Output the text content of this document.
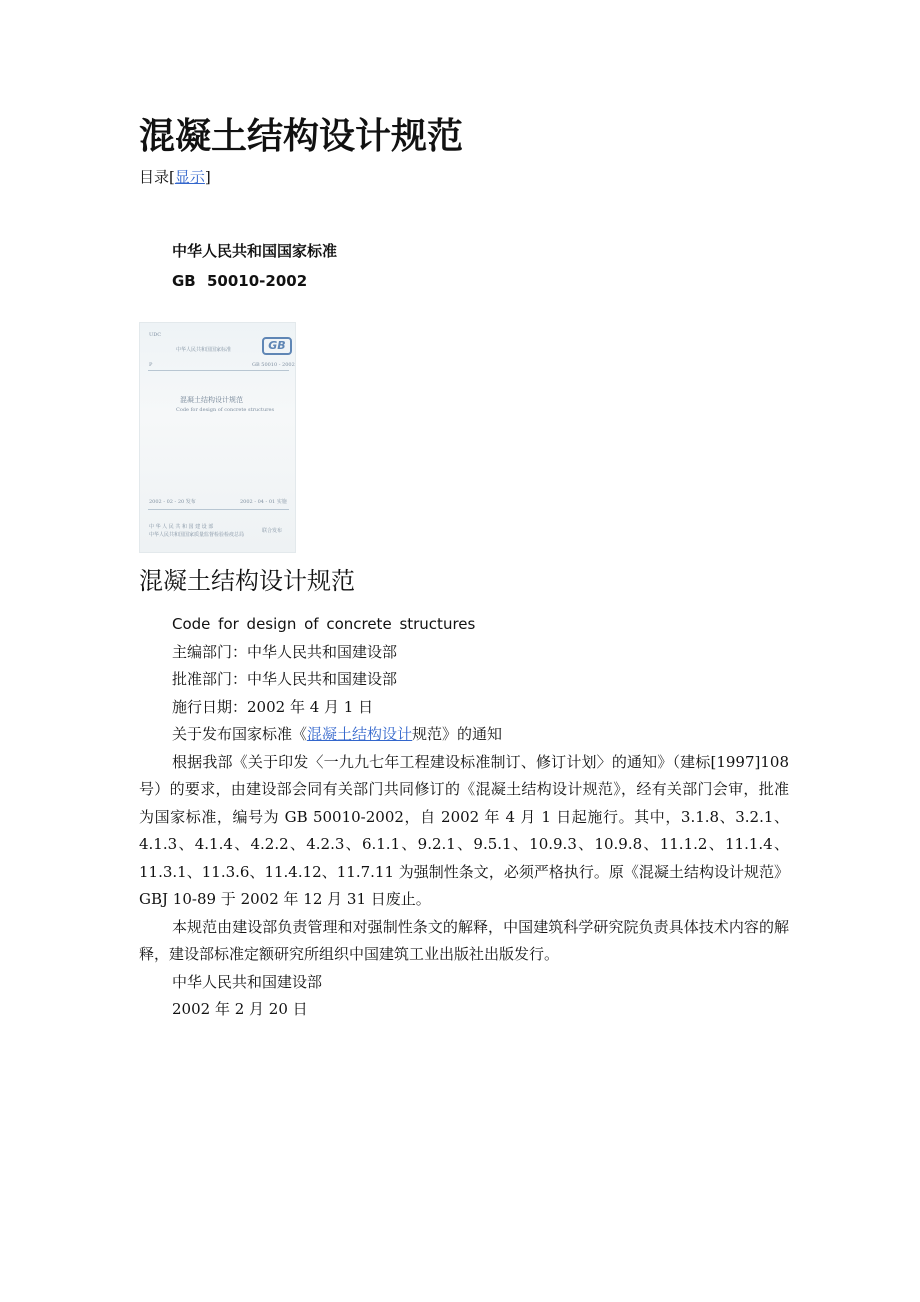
混凝土结构设计规范
目录[显示]
中华人民共和国国家标准
GB 50010-2002
UDC
中华人民共和国国家标准	GB
P	GB 50010 - 2002
混凝土结构设计规范
Code for design of concrete structures
2002 - 02 - 20 发布	2002 - 04 - 01 实施
中 华 人 民 共 和 国 建 设 部
中华人民共和国国家质量监督检验检疫总局
联合发布
混凝土结构设计规范
Code for design of concrete structures
主编部门：中华人民共和国建设部
批准部门：中华人民共和国建设部
施行日期：2002 年 4 月 1 日
关于发布国家标准《混凝土结构设计规范》的通知
根据我部《关于印发〈一九九七年工程建设标准制订、修订计划〉的通知》（建标[1997]108 号）的要求，由建设部会同有关部门共同修订的《混凝土结构设计规范》，经有关部门会审，批准为国家标准，编号为 GB 50010-2002，自 2002 年 4 月 1 日起施行。其中，3.1.8、3.2.1、4.1.3、4.1.4、4.2.2、4.2.3、6.1.1、9.2.1、9.5.1、10.9.3、10.9.8、11.1.2、11.1.4、11.3.1、11.3.6、11.4.12、11.7.11 为强制性条文，必须严格执行。原《混凝土结构设计规范》GBJ 10-89 于 2002 年 12 月 31 日废止。
本规范由建设部负责管理和对强制性条文的解释，中国建筑科学研究院负责具体技术内容的解释，建设部标准定额研究所组织中国建筑工业出版社出版发行。
中华人民共和国建设部
2002 年 2 月 20 日
